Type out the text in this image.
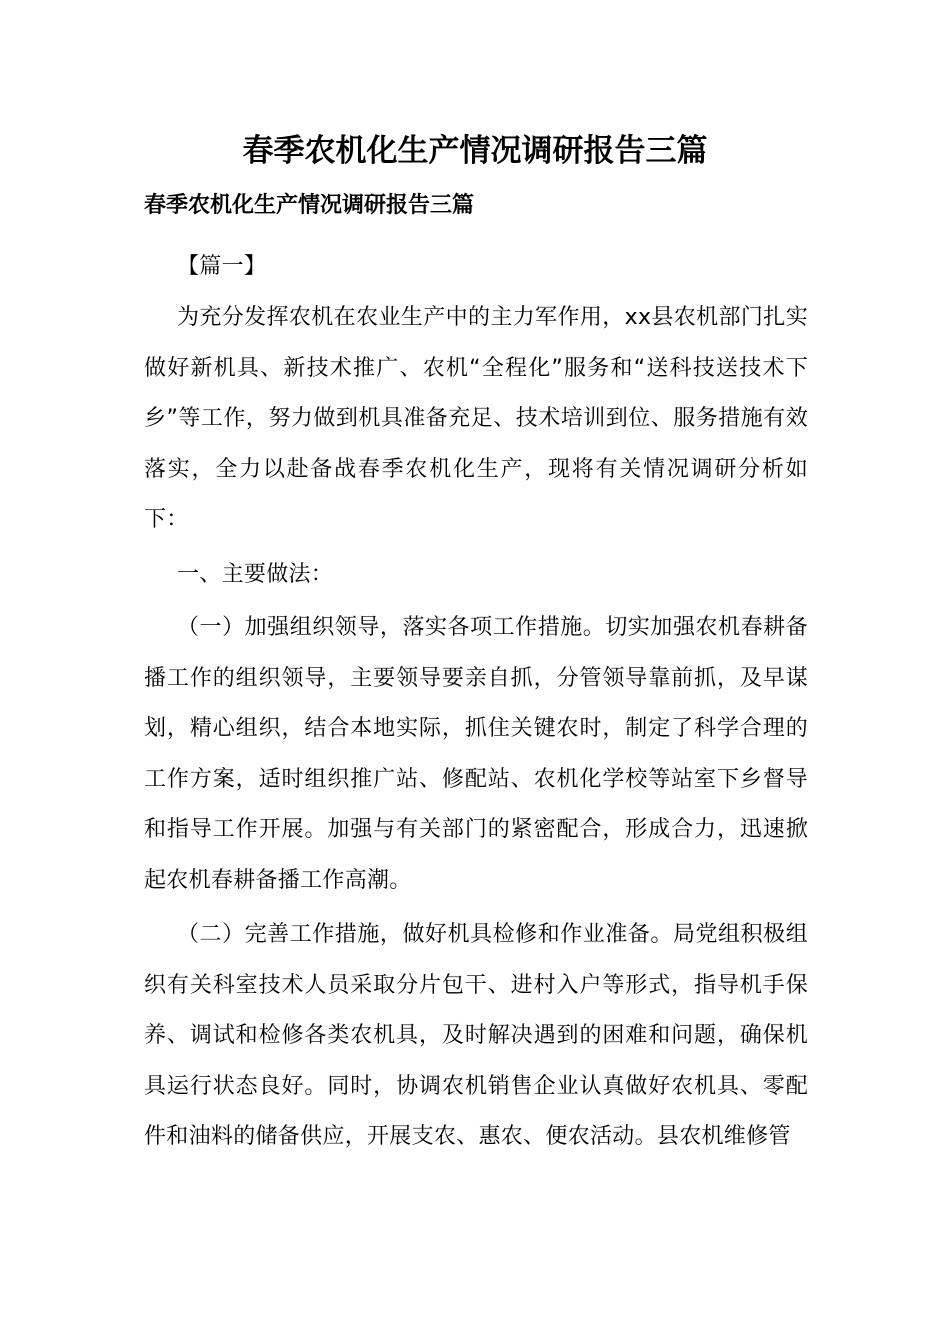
春季农机化生产情况调研报告三篇
春季农机化生产情况调研报告三篇

【篇一】

为充分发挥农机在农业生产中的主力军作用，xx县农机部门扎实做好新机具、新技术推广、农机“全程化”服务和“送科技送技术下乡”等工作，努力做到机具准备充足、技术培训到位、服务措施有效落实，全力以赴备战春季农机化生产，现将有关情况调研分析如下：

一、主要做法：

（一）加强组织领导，落实各项工作措施。切实加强农机春耕备播工作的组织领导，主要领导要亲自抓，分管领导靠前抓，及早谋划，精心组织，结合本地实际，抓住关键农时，制定了科学合理的工作方案，适时组织推广站、修配站、农机化学校等站室下乡督导和指导工作开展。加强与有关部门的紧密配合，形成合力，迅速掀起农机春耕备播工作高潮。

（二）完善工作措施，做好机具检修和作业准备。局党组积极组织有关科室技术人员采取分片包干、进村入户等形式，指导机手保养、调试和检修各类农机具，及时解决遇到的困难和问题，确保机具运行状态良好。同时，协调农机销售企业认真做好农机具、零配件和油料的储备供应，开展支农、惠农、便农活动。县农机维修管
